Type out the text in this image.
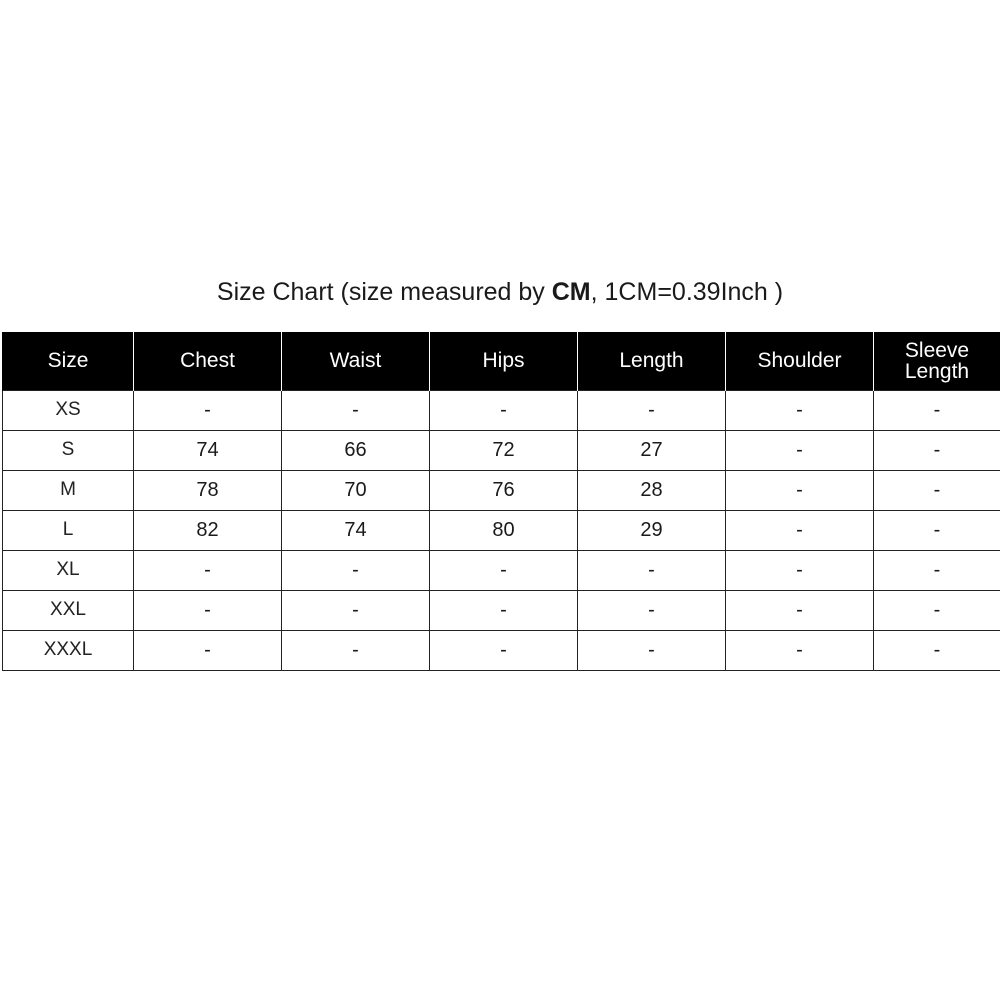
Size Chart (size measured by CM, 1CM=0.39Inch )
Size	Chest	Waist	Hips	Length	Shoulder	Sleeve Length
XS	-	-	-	-	-	-
S	74	66	72	27	-	-
M	78	70	76	28	-	-
L	82	74	80	29	-	-
XL	-	-	-	-	-	-
XXL	-	-	-	-	-	-
XXXL	-	-	-	-	-	-
